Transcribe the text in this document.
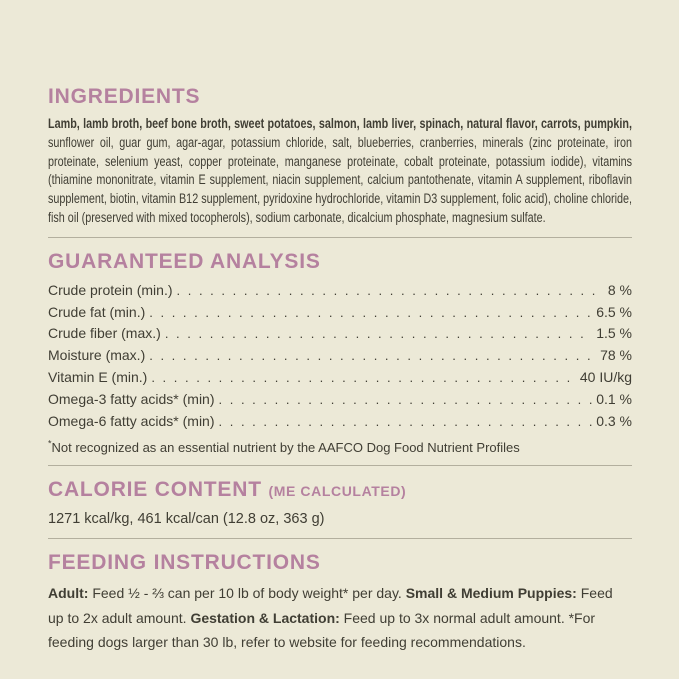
INGREDIENTS

Lamb, lamb broth, beef bone broth, sweet potatoes, salmon, lamb liver, spinach, natural flavor, carrots, pumpkin, sunflower oil, guar gum, agar-agar, potassium chloride, salt, blueberries, cranberries, minerals (zinc proteinate, iron proteinate, selenium yeast, copper proteinate, manganese proteinate, cobalt proteinate, potassium iodide), vitamins (thiamine mononitrate, vitamin E supplement, niacin supplement, calcium pantothenate, vitamin A supplement, riboflavin supplement, biotin, vitamin B12 supplement, pyridoxine hydrochloride, vitamin D3 supplement, folic acid), choline chloride, fish oil (preserved with mixed tocopherols), sodium carbonate, dicalcium phosphate, magnesium sulfate.

GUARANTEED ANALYSIS
Crude protein (min.) . . .	8 %
Crude fat (min.) . . .	6.5 %
Crude fiber (max.) . . .	1.5 %
Moisture (max.) . . .	78 %
Vitamin E (min.) . . .	40 IU/kg
Omega-3 fatty acids* (min) . . .	0.1 %
Omega-6 fatty acids* (min) . . .	0.3 %

*Not recognized as an essential nutrient by the AAFCO Dog Food Nutrient Profiles

CALORIE CONTENT (ME CALCULATED)

1271 kcal/kg, 461 kcal/can (12.8 oz, 363 g)

FEEDING INSTRUCTIONS

Adult: Feed ½ - ⅔ can per 10 lb of body weight* per day. Small & Medium Puppies: Feed up to 2x adult amount. Gestation & Lactation: Feed up to 3x normal adult amount. *For feeding dogs larger than 30 lb, refer to website for feeding recommendations.
